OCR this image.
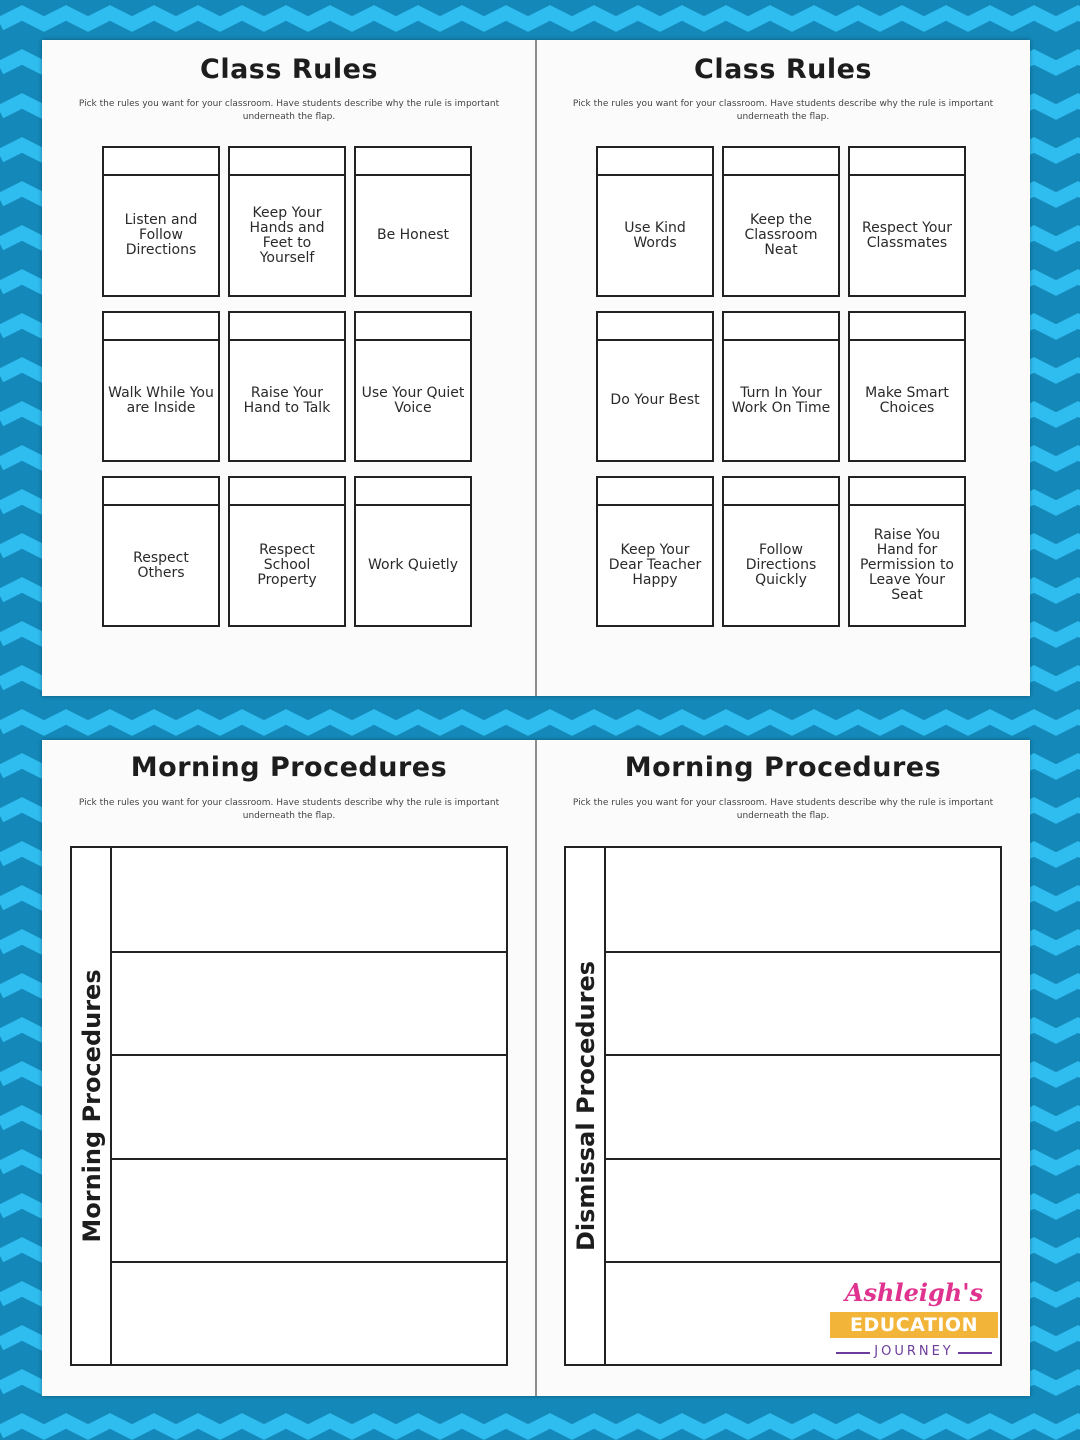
Class Rules
Pick the rules you want for your classroom. Have students describe why the rule is important underneath the flap.
Listen and Follow Directions
Keep Your Hands and Feet to Yourself
Be Honest
Walk While You are Inside
Raise Your Hand to Talk
Use Your Quiet Voice
Respect Others
Respect School Property
Work Quietly
Class Rules
Pick the rules you want for your classroom. Have students describe why the rule is important underneath the flap.
Use Kind Words
Keep the Classroom Neat
Respect Your Classmates
Do Your Best	Turn In Your Work On Time
Make Smart Choices
Keep Your Dear Teacher Happy
Follow Directions Quickly
Raise You Hand for Permission to Leave Your Seat
Morning Procedures
Pick the rules you want for your classroom. Have students describe why the rule is important underneath the flap.
Morning Procedures
Morning Procedures
Pick the rules you want for your classroom. Have students describe why the rule is important underneath the flap.
Dismissal Procedures
Ashleigh's
EDUCATION
JOURNEY
